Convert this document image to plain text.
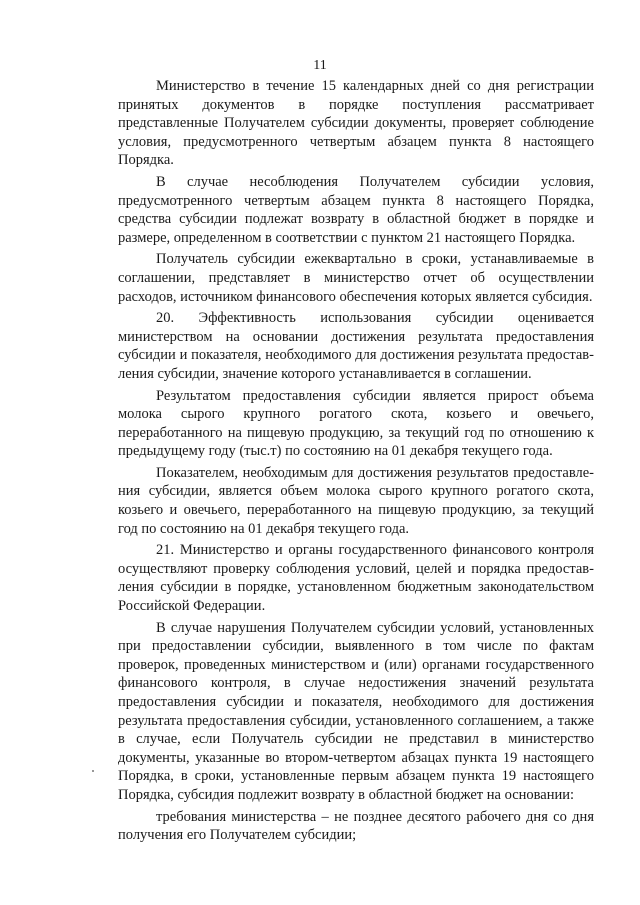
11

Министерство в течение 15 календарных дней со дня регистрации принятых документов в порядке поступления рассматривает представленные Получателем субсидии документы, проверяет соблюдение условия, предусмотренного четвертым абзацем пункта 8 настоящего Порядка.

В случае несоблюдения Получателем субсидии условия, предусмотренного четвертым абзацем пункта 8 настоящего Порядка, средства субсидии подлежат возврату в областной бюджет в порядке и размере, определенном в соответствии с пунктом 21 настоящего Порядка.

Получатель субсидии ежеквартально в сроки, устанавливаемые в соглашении, представляет в министерство отчет об осуществлении расходов, источником финансового обеспечения которых является субсидия.

20. Эффективность использования субсидии оценивается министерством на основании достижения результата предоставления субсидии и показателя, необходимого для достижения результата предоставления субсидии, значение которого устанавливается в соглашении.

Результатом предоставления субсидии является прирост объема молока сырого крупного рогатого скота, козьего и овечьего, переработанного на пищевую продукцию, за текущий год по отношению к предыдущему году (тыс.т) по состоянию на 01 декабря текущего года.

Показателем, необходимым для достижения результатов предоставления субсидии, является объем молока сырого крупного рогатого скота, козьего и овечьего, переработанного на пищевую продукцию, за текущий год по состоянию на 01 декабря текущего года.

21. Министерство и органы государственного финансового контроля осуществляют проверку соблюдения условий, целей и порядка предоставления субсидии в порядке, установленном бюджетным законодательством Российской Федерации.

В случае нарушения Получателем субсидии условий, установленных при предоставлении субсидии, выявленного в том числе по фактам проверок, проведенных министерством и (или) органами государственного финансового контроля, в случае недостижения значений результата предоставления субсидии и показателя, необходимого для достижения результата предоставления субсидии, установленного соглашением, а также в случае, если Получатель субсидии не представил в министерство документы, указанные во втором-четвертом абзацах пункта 19 настоящего Порядка, в сроки, установленные первым абзацем пункта 19 настоящего Порядка, субсидия подлежит возврату в областной бюджет на основании:

требования министерства – не позднее десятого рабочего дня со дня получения его Получателем субсидии;
